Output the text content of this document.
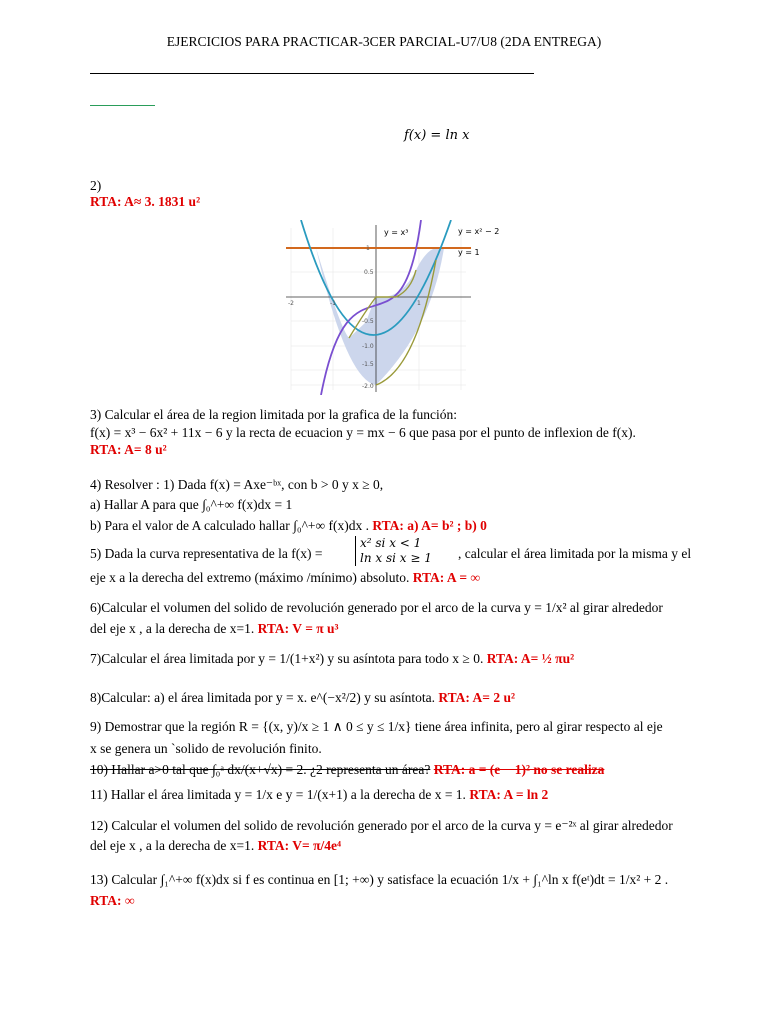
EJERCICIOS PARA PRACTICAR-3CER PARCIAL-U7/U8 (2DA ENTREGA)
f(x) = ln x
2)
RTA: A≈ 3. 1831 u²
y = x³	y = x² − 2
y = 1
-2	-1	1
1
0.5
-0.5
-1.0
-1.5
-2.0
3) Calcular el área de la region limitada por la grafica de la función:
f(x) = x³ − 6x² + 11x − 6 y la recta de ecuacion y = mx − 6 que pasa por el punto de inflexion de f(x).
RTA: A= 8 u²
4) Resolver : 1) Dada f(x) = Axe⁻ᵇˣ, con b > 0 y x ≥ 0,
a) Hallar A para que ∫₀^+∞ f(x)dx = 1
b) Para el valor de A calculado hallar ∫₀^+∞ f(x)dx . RTA: a) A= b² ; b) 0
5) Dada la curva representativa de la f(x) =
x² si x < 1
ln x si x ≥ 1 , calcular el área limitada por la misma y el
eje x a la derecha del extremo (máximo /mínimo) absoluto. RTA: A = ∞
6)Calcular el volumen del solido de revolución generado por el arco de la curva y = 1/x² al girar alrededor
del eje x , a la derecha de x=1. RTA: V = π u³
7)Calcular el área limitada por y = 1/(1+x²) y su asíntota para todo x ≥ 0. RTA: A= ½ πu²
8)Calcular: a) el área limitada por y = x. e^(−x²/2) y su asíntota. RTA: A= 2 u²
9) Demostrar que la región R = {(x, y)/x ≥ 1 ∧ 0 ≤ y ≤ 1/x} tiene área infinita, pero al girar respecto al eje
x se genera un `solido de revolución finito.
10) Hallar a>0 tal que ∫₀ᵃ dx/(x+√x) = 2. ¿2 representa un área? RTA: a = (e − 1)² no se realiza
11) Hallar el área limitada y = 1/x e y = 1/(x+1) a la derecha de x = 1. RTA: A = ln 2
12) Calcular el volumen del solido de revolución generado por el arco de la curva y = e⁻²ˣ al girar alrededor
del eje x , a la derecha de x=1. RTA: V= π/4e⁴
13) Calcular ∫₁^+∞ f(x)dx si f es continua en [1; +∞) y satisface la ecuación 1/x + ∫₁^ln x f(eᵗ)dt = 1/x² + 2 .
RTA: ∞
